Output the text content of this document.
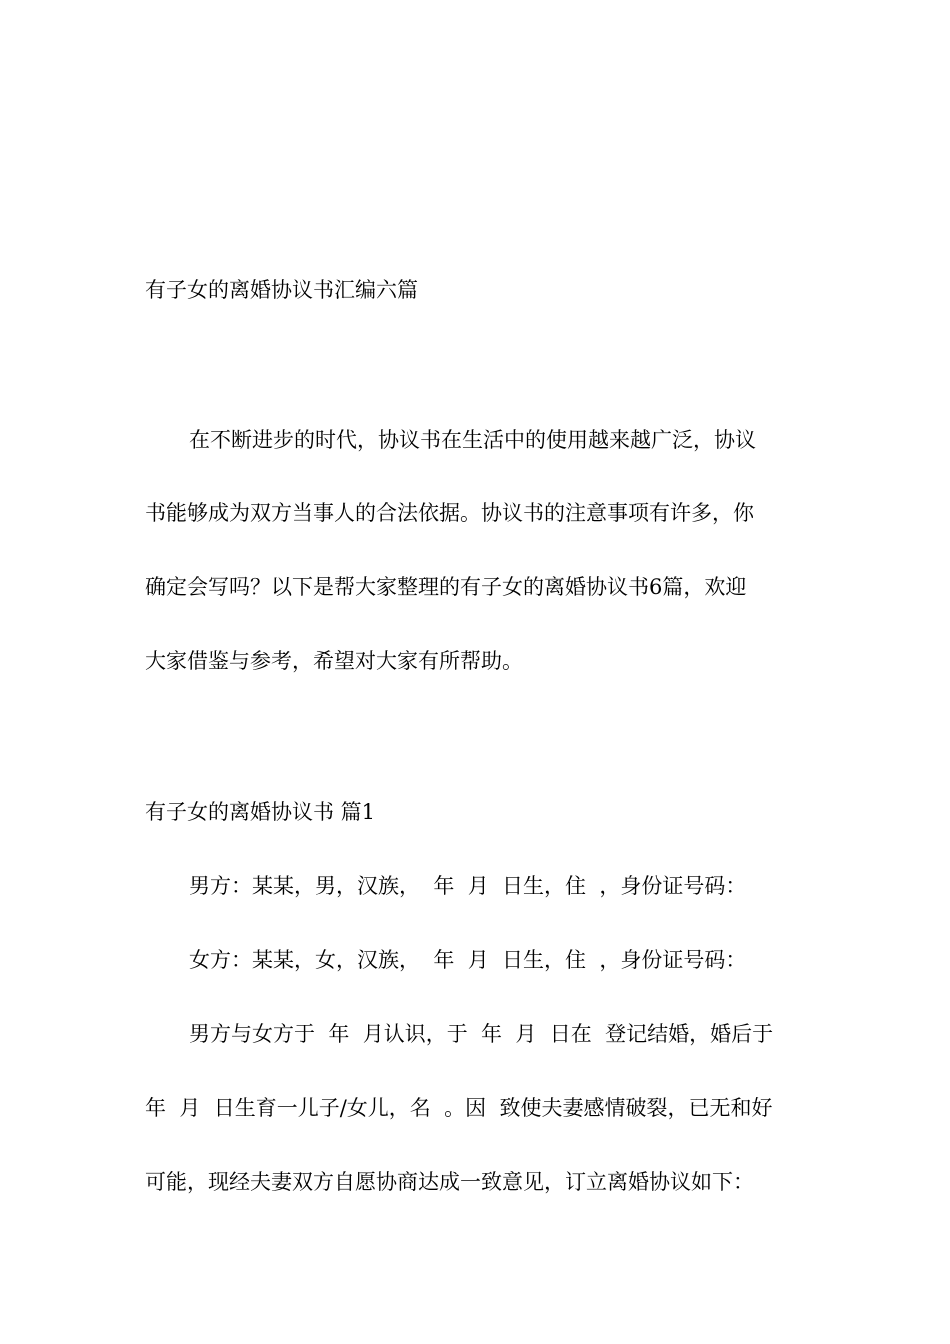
有子女的离婚协议书汇编六篇

在不断进步的时代，协议书在生活中的使用越来越广泛，协议

书能够成为双方当事人的合法依据。协议书的注意事项有许多，你

确定会写吗？以下是帮大家整理的有子女的离婚协议书6篇，欢迎

大家借鉴与参考，希望对大家有所帮助。

有子女的离婚协议书 篇1

男方：某某，男，汉族，  年  月  日生，住  ，身份证号码：

女方：某某，女，汉族，  年  月  日生，住  ，身份证号码：

男方与女方于  年  月认识，于  年  月  日在  登记结婚，婚后于

年  月  日生育一儿子/女儿，名  。因  致使夫妻感情破裂，已无和好

可能，现经夫妻双方自愿协商达成一致意见，订立离婚协议如下：
